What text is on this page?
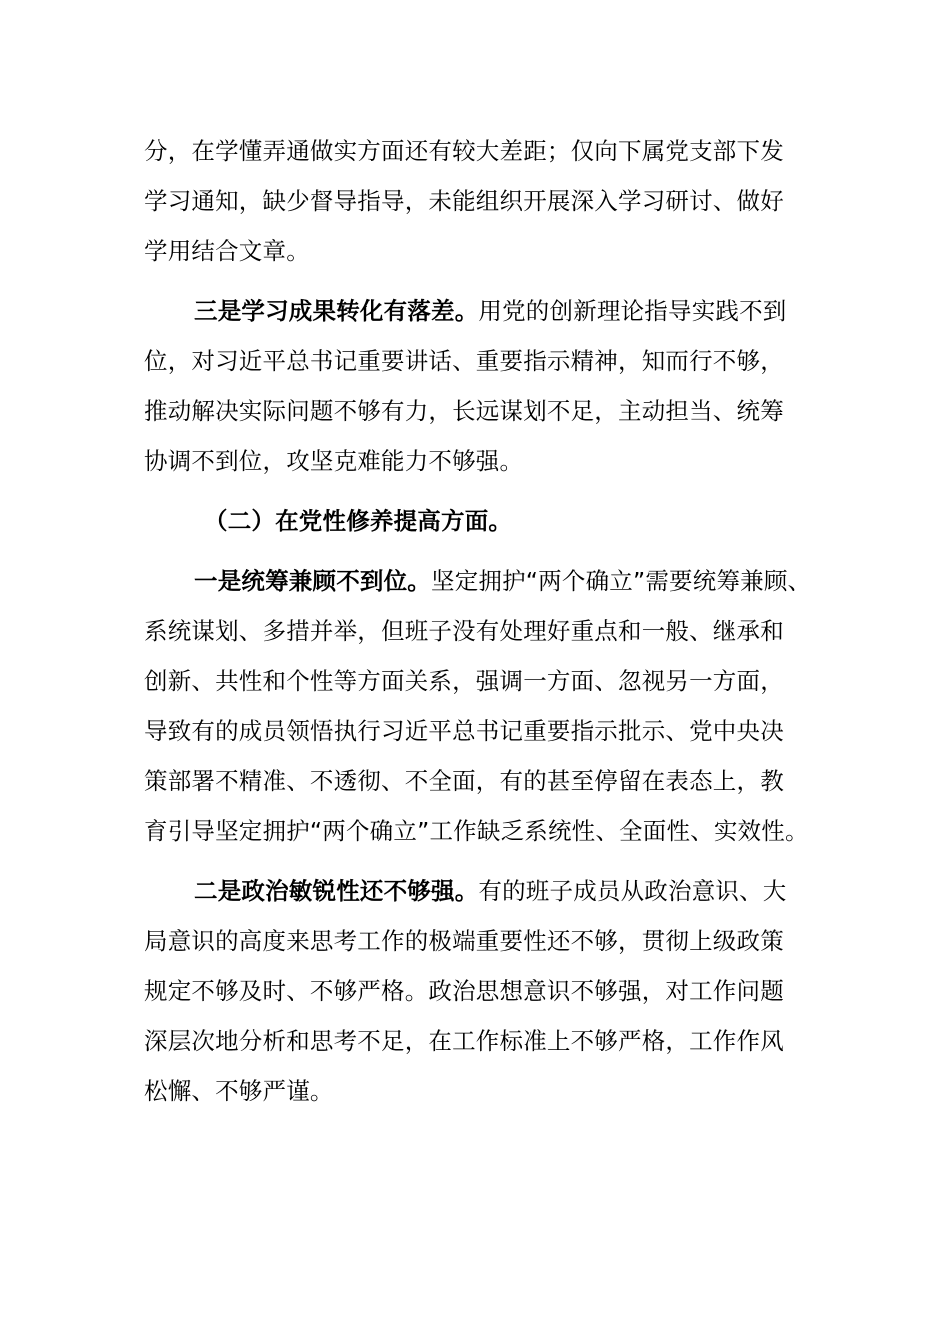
分，在学懂弄通做实方面还有较大差距；仅向下属党支部下发
学习通知，缺少督导指导，未能组织开展深入学习研讨、做好
学用结合文章。
三是学习成果转化有落差。用党的创新理论指导实践不到
位，对习近平总书记重要讲话、重要指示精神，知而行不够，
推动解决实际问题不够有力，长远谋划不足，主动担当、统筹
协调不到位，攻坚克难能力不够强。
（二）在党性修养提高方面。
一是统筹兼顾不到位。坚定拥护“两个确立”需要统筹兼顾、
系统谋划、多措并举，但班子没有处理好重点和一般、继承和
创新、共性和个性等方面关系，强调一方面、忽视另一方面，
导致有的成员领悟执行习近平总书记重要指示批示、党中央决
策部署不精准、不透彻、不全面，有的甚至停留在表态上，教
育引导坚定拥护“两个确立”工作缺乏系统性、全面性、实效性。
二是政治敏锐性还不够强。有的班子成员从政治意识、大
局意识的高度来思考工作的极端重要性还不够，贯彻上级政策
规定不够及时、不够严格。政治思想意识不够强，对工作问题
深层次地分析和思考不足，在工作标准上不够严格，工作作风
松懈、不够严谨。
